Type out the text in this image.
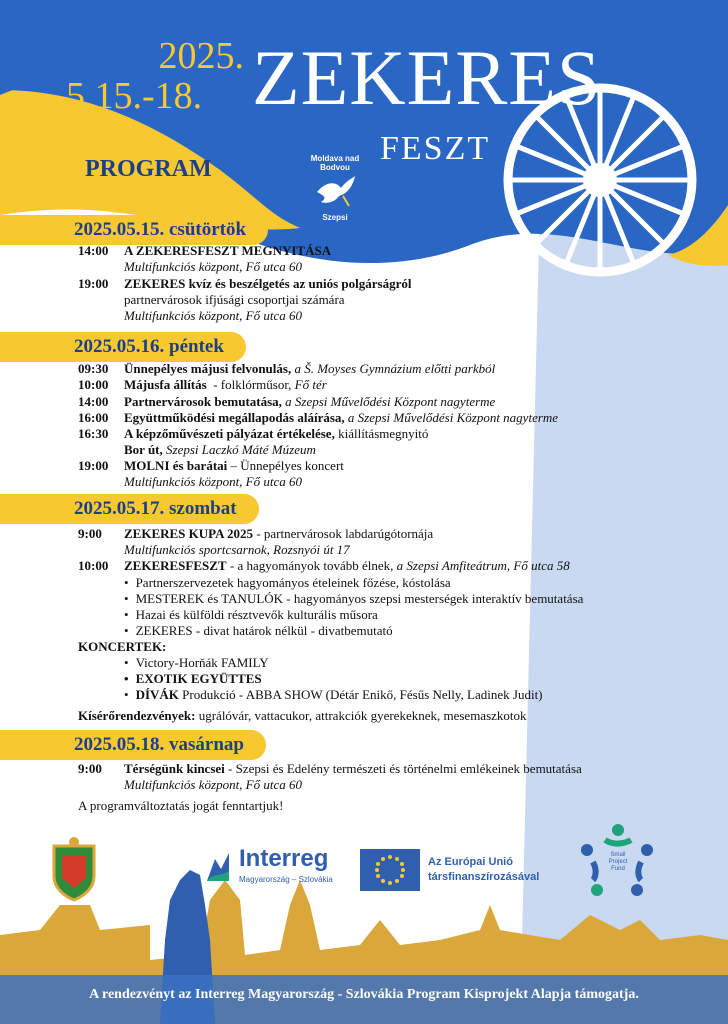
2025.
5.15.-18. ZEKERES
FESZT
PROGRAM	Moldava nad Bodvou
Szepsi
2025.05.15. csütörtök
14:00 A ZEKERESFESZT MEGNYITÁSA
Multifunkciós központ, Fő utca 60
19:00 ZEKERES kvíz és beszélgetés az uniós polgárságról
partnervárosok ifjúsági csoportjai számára
Multifunkciós központ, Fő utca 60
2025.05.16. péntek
09:30 Ünnepélyes májusi felvonulás, a Š. Moyses Gymnázium előtti parkból
10:00 Májusfa állítás  - folklórműsor, Fő tér
14:00 Partnervárosok bemutatása, a Szepsi Művelődési Központ nagyterme
16:00 Együttműködési megállapodás aláírása, a Szepsi Művelődési Központ nagyterme
16:30 A képzőművészeti pályázat értékelése, kiállításmegnyitó
Bor út, Szepsi Laczkó Máté Múzeum
19:00 MOLNI és barátai – Ünnepélyes koncert
Multifunkciós központ, Fő utca 60
2025.05.17. szombat
9:00 ZEKERES KUPA 2025 - partnervárosok labdarúgótornája
Multifunkciós sportcsarnok, Rozsnyói út 17
10:00 ZEKERESFESZT - a hagyományok tovább élnek, a Szepsi Amfiteátrum, Fő utca 58
• Partnerszervezetek hagyományos ételeinek főzése, kóstolása
• MESTEREK és TANULÓK - hagyományos szepsi mesterségek interaktív bemutatása
• Hazai és külföldi résztvevők kulturális műsora
• ZEKERES - divat határok nélkül - divatbemutató
KONCERTEK:
• Victory-Horňák FAMILY
• EXOTIK EGYÜTTES
• DÍVÁK Produkció - ABBA SHOW (Détár Enikő, Fésűs Nelly, Ladinek Judit)
Kísérőrendezvények: ugrálóvár, vattacukor, attrakciók gyerekeknek, mesemaszkotok
2025.05.18. vasárnap
9:00 Térségünk kincsei - Szepsi és Edelény természeti és történelmi emlékeinek bemutatása
Multifunkciós központ, Fő utca 60
A programváltoztatás jogát fenntartjuk!
Interreg
Magyarország – Szlovákia
Az Európai Unió
társfinanszírozásával
Small Project Fund
A rendezvényt az Interreg Magyarország - Szlovákia Program Kisprojekt Alapja támogatja.
